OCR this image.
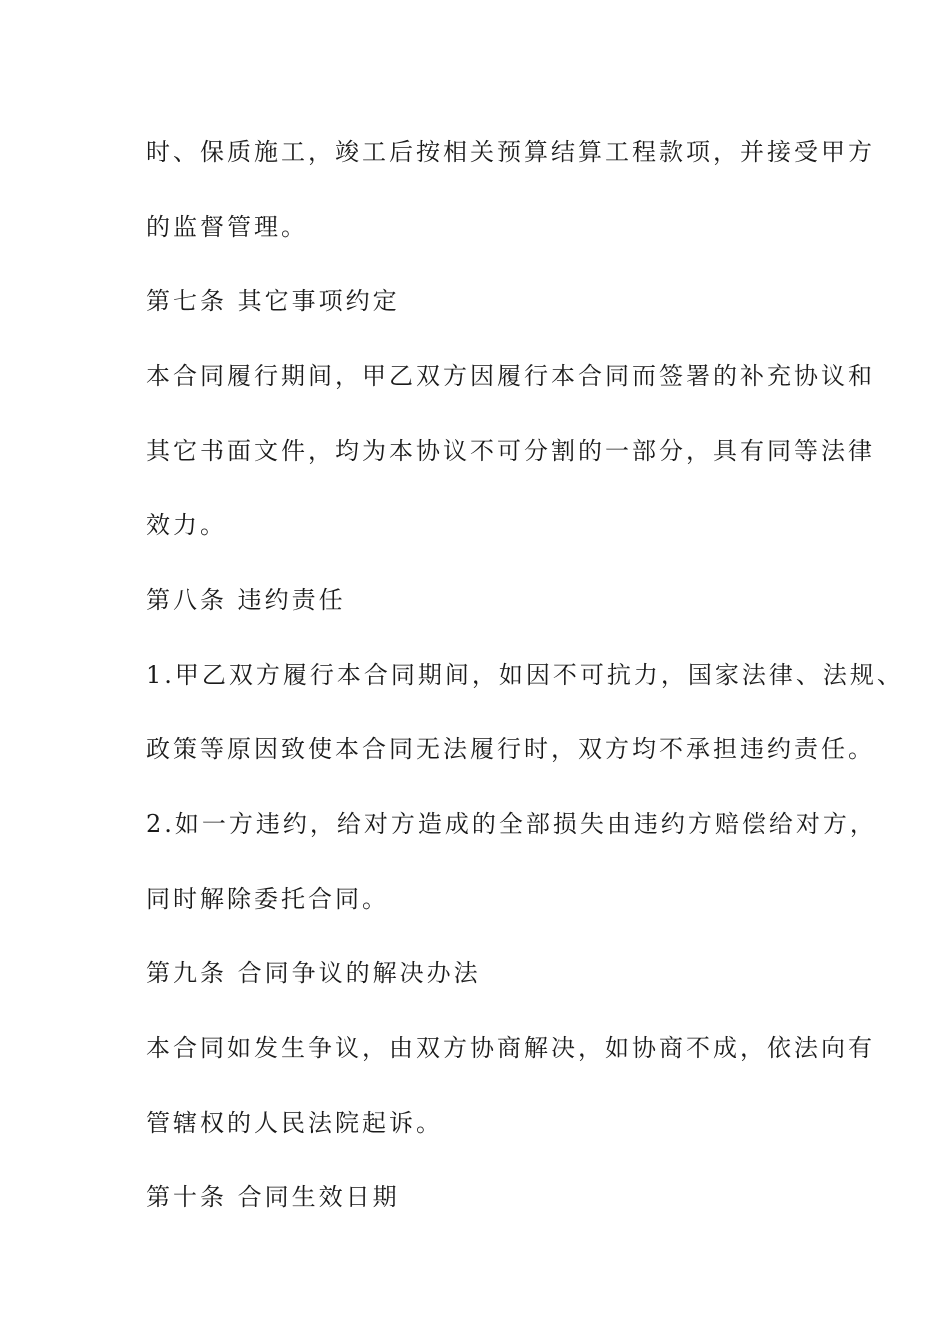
时、保质施工，竣工后按相关预算结算工程款项，并接受甲方
的监督管理。
第七条 其它事项约定
本合同履行期间，甲乙双方因履行本合同而签署的补充协议和
其它书面文件，均为本协议不可分割的一部分，具有同等法律
效力。
第八条 违约责任
1.甲乙双方履行本合同期间，如因不可抗力，国家法律、法规、
政策等原因致使本合同无法履行时，双方均不承担违约责任。
2.如一方违约，给对方造成的全部损失由违约方赔偿给对方，
同时解除委托合同。
第九条 合同争议的解决办法
本合同如发生争议，由双方协商解决，如协商不成，依法向有
管辖权的人民法院起诉。
第十条 合同生效日期
